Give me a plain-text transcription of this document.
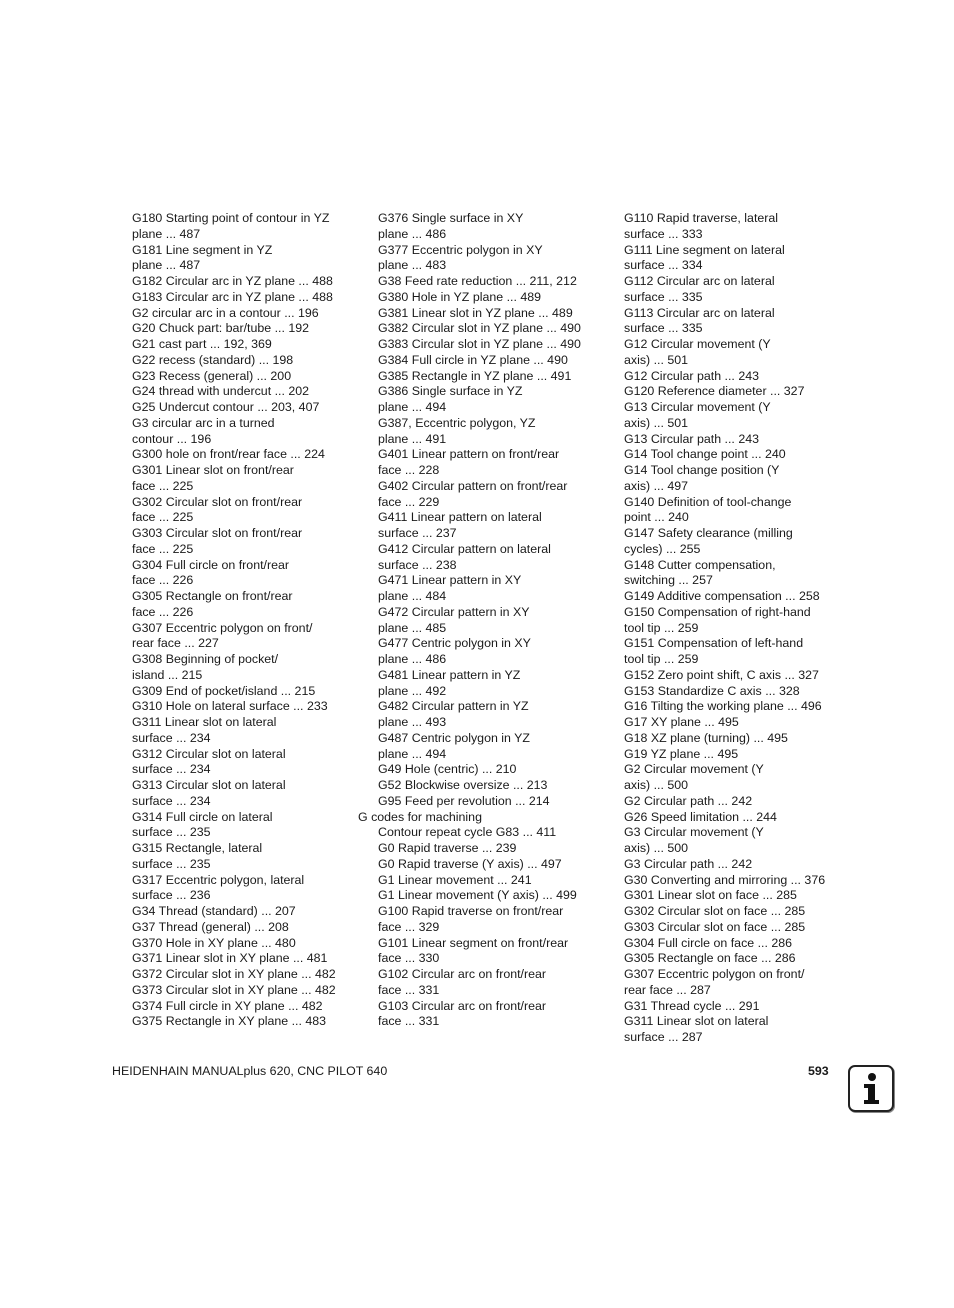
G180 Starting point of contour in YZ
plane ... 487
G181 Line segment in YZ
plane ... 487
G182 Circular arc in YZ plane ... 488
G183 Circular arc in YZ plane ... 488
G2 circular arc in a contour ... 196
G20 Chuck part: bar/tube ... 192
G21 cast part ... 192, 369
G22 recess (standard) ... 198
G23 Recess (general) ... 200
G24 thread with undercut ... 202
G25 Undercut contour ... 203, 407
G3 circular arc in a turned
contour ... 196
G300 hole on front/rear face ... 224
G301 Linear slot on front/rear
face ... 225
G302 Circular slot on front/rear
face ... 225
G303 Circular slot on front/rear
face ... 225
G304 Full circle on front/rear
face ... 226
G305 Rectangle on front/rear
face ... 226
G307 Eccentric polygon on front/
rear face ... 227
G308 Beginning of pocket/
island ... 215
G309 End of pocket/island ... 215
G310 Hole on lateral surface ... 233
G311 Linear slot on lateral
surface ... 234
G312 Circular slot on lateral
surface ... 234
G313 Circular slot on lateral
surface ... 234
G314 Full circle on lateral
surface ... 235
G315 Rectangle, lateral
surface ... 235
G317 Eccentric polygon, lateral
surface ... 236
G34 Thread (standard) ... 207
G37 Thread (general) ... 208
G370 Hole in XY plane ... 480
G371 Linear slot in XY plane ... 481
G372 Circular slot in XY plane ... 482
G373 Circular slot in XY plane ... 482
G374 Full circle in XY plane ... 482
G375 Rectangle in XY plane ... 483
G376 Single surface in XY
plane ... 486
G377 Eccentric polygon in XY
plane ... 483
G38 Feed rate reduction ... 211, 212
G380 Hole in YZ plane ... 489
G381 Linear slot in YZ plane ... 489
G382 Circular slot in YZ plane ... 490
G383 Circular slot in YZ plane ... 490
G384 Full circle in YZ plane ... 490
G385 Rectangle in YZ plane ... 491
G386 Single surface in YZ
plane ... 494
G387, Eccentric polygon, YZ
plane ... 491
G401 Linear pattern on front/rear
face ... 228
G402 Circular pattern on front/rear
face ... 229
G411 Linear pattern on lateral
surface ... 237
G412 Circular pattern on lateral
surface ... 238
G471 Linear pattern in XY
plane ... 484
G472 Circular pattern in XY
plane ... 485
G477 Centric polygon in XY
plane ... 486
G481 Linear pattern in YZ
plane ... 492
G482 Circular pattern in YZ
plane ... 493
G487 Centric polygon in YZ
plane ... 494
G49 Hole (centric) ... 210
G52 Blockwise oversize ... 213
G95 Feed per revolution ... 214
G codes for machining
Contour repeat cycle G83 ... 411
G0 Rapid traverse ... 239
G0 Rapid traverse (Y axis) ... 497
G1 Linear movement ... 241
G1 Linear movement (Y axis) ... 499
G100 Rapid traverse on front/rear
face ... 329
G101 Linear segment on front/rear
face ... 330
G102 Circular arc on front/rear
face ... 331
G103 Circular arc on front/rear
face ... 331
G110 Rapid traverse, lateral
surface ... 333
G111 Line segment on lateral
surface ... 334
G112 Circular arc on lateral
surface ... 335
G113 Circular arc on lateral
surface ... 335
G12 Circular movement (Y
axis) ... 501
G12 Circular path ... 243
G120 Reference diameter ... 327
G13 Circular movement (Y
axis) ... 501
G13 Circular path ... 243
G14 Tool change point ... 240
G14 Tool change position (Y
axis) ... 497
G140 Definition of tool-change
point ... 240
G147 Safety clearance (milling
cycles) ... 255
G148 Cutter compensation,
switching ... 257
G149 Additive compensation ... 258
G150 Compensation of right-hand
tool tip ... 259
G151 Compensation of left-hand
tool tip ... 259
G152 Zero point shift, C axis ... 327
G153 Standardize C axis ... 328
G16 Tilting the working plane ... 496
G17 XY plane ... 495
G18 XZ plane (turning) ... 495
G19 YZ plane ... 495
G2 Circular movement (Y
axis) ... 500
G2 Circular path ... 242
G26 Speed limitation ... 244
G3 Circular movement (Y
axis) ... 500
G3 Circular path ... 242
G30 Converting and mirroring ... 376
G301 Linear slot on face ... 285
G302 Circular slot on face ... 285
G303 Circular slot on face ... 285
G304 Full circle on face ... 286
G305 Rectangle on face ... 286
G307 Eccentric polygon on front/
rear face ... 287
G31 Thread cycle ... 291
G311 Linear slot on lateral
surface ... 287
HEIDENHAIN MANUALplus 620, CNC PILOT 640	593
